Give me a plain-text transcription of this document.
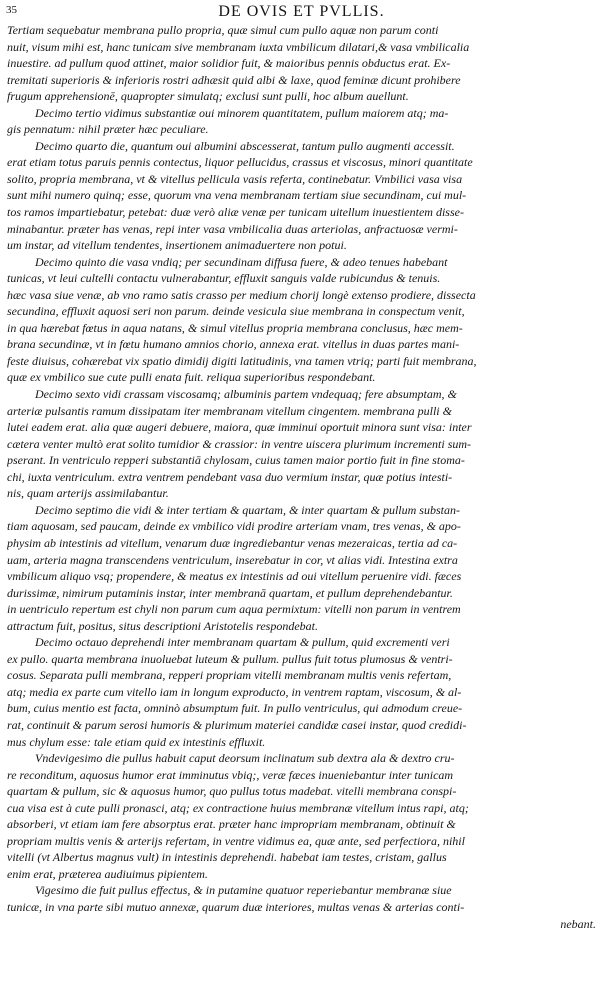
35	DE OVIS ET PVLLIS.

Tertiam sequebatur membrana pullo propria, quæ simul cum pullo aquæ non parum conti
nuit, visum mihi est, hanc tunicam sive membranam iuxta vmbilicum dilatari,& vasa vmbilicalia
inuestire. ad pullum quod attinet, maior solidior fuit, & maioribus pennis obductus erat. Ex-
tremitati superioris & inferioris rostri adhæsit quid albi & laxe, quod feminæ dicunt prohibere
frugum apprehensionē, quapropter simulatq; exclusi sunt pulli, hoc album auellunt.

Decimo tertio vidimus substantiæ oui minorem quantitatem, pullum maiorem atq; ma-
gis pennatum: nihil præter hæc peculiare.

Decimo quarto die, quantum oui albumini abscesserat, tantum pullo augmenti accessit.
erat etiam totus paruis pennis contectus, liquor pellucidus, crassus et viscosus, minori quantitate
solito, propria membrana, vt & vitellus pellicula vasis referta, continebatur. Vmbilici vasa visa
sunt mihi numero quinq; esse, quorum vna vena membranam tertiam siue secundinam, cui mul-
tos ramos impartiebatur, petebat: duæ verò aliæ venæ per tunicam uitellum inuestientem disse-
minabantur. præter has venas, repi inter vasa vmbilicalia duas arteriolas, anfractuosæ vermi-
um instar, ad vitellum tendentes, insertionem animaduertere non potui.

Decimo quinto die vasa vndiq; per secundinam diffusa fuere, & adeo tenues habebant
tunicas, vt leui cultelli contactu vulnerabantur, effluxit sanguis valde rubicundus & tenuis.
hæc vasa siue venæ, ab vno ramo satis crasso per medium chorij longè extenso prodiere, dissecta
secundina, effluxit aquosi seri non parum. deinde vesicula siue membrana in conspectum venit,
in qua hærebat fœtus in aqua natans, & simul vitellus propria membrana conclusus, hæc mem-
brana secundinæ, vt in fœtu humano amnios chorio, annexa erat. vitellus in duas partes mani-
feste diuisus, cohærebat vix spatio dimidij digiti latitudinis, vna tamen vtriq; parti fuit membrana,
quæ ex vmbilico sue cute pulli enata fuit. reliqua superioribus respondebant.

Decimo sexto vidi crassam viscosamq; albuminis partem vndequaq; fere absumptam, &
arteriæ pulsantis ramum dissipatam iter membranam vitellum cingentem. membrana pulli &
lutei eadem erat. alia quæ augeri debuere, maiora, quæ imminui oportuit minora sunt visa: inter
cætera venter multò erat solito tumidior & crassior: in ventre uiscera plurimum incrementi sum-
pserant. In ventriculo repperi substantiā chylosam, cuius tamen maior portio fuit in fine stoma-
chi, iuxta ventriculum. extra ventrem pendebant vasa duo vermium instar, quæ potius intesti-
nis, quam arterijs assimilabantur.

Decimo septimo die vidi & inter tertiam & quartam, & inter quartam & pullum substan-
tiam aquosam, sed paucam, deinde ex vmbilico vidi prodire arteriam vnam, tres venas, & apo-
physim ab intestinis ad vitellum, venarum duæ ingrediebantur venas mezeraicas, tertia ad ca-
uam, arteria magna transcendens ventriculum, inserebatur in cor, vt alias vidi. Intestina extra
vmbilicum aliquo vsq; propendere, & meatus ex intestinis ad oui vitellum peruenire vidi. fæces
durissimæ, nimirum putaminis instar, inter membranā quartam, et pullum deprehendebantur.
in uentriculo repertum est chyli non parum cum aqua permixtum: vitelli non parum in ventrem
attractum fuit, positus, situs descriptioni Aristotelis respondebat.

Decimo octauo deprehendi inter membranam quartam & pullum, quid excrementi veri
ex pullo. quarta membrana inuoluebat luteum & pullum. pullus fuit totus plumosus & ventri-
cosus. Separata pulli membrana, repperi propriam vitelli membranam multis venis refertam,
atq; media ex parte cum vitello iam in longum exproducto, in ventrem raptam, viscosum, & al-
bum, cuius mentio est facta, omninò absumptum fuit. In pullo ventriculus, qui admodum creue-
rat, continuit & parum serosi humoris & plurimum materiei candidæ casei instar, quod credidi-
mus chylum esse: tale etiam quid ex intestinis effluxit.

Vndevigesimo die pullus habuit caput deorsum inclinatum sub dextra ala & dextro cru-
re reconditum, aquosus humor erat imminutus vbiq;, veræ fæces inueniebantur inter tunicam
quartam & pullum, sic & aquosus humor, quo pullus totus madebat. vitelli membrana conspi-
cua visa est à cute pulli pronasci, atq; ex contractione huius membranæ vitellum intus rapi, atq;
absorberi, vt etiam iam fere absorptus erat. præter hanc impropriam membranam, obtinuit &
propriam multis venis & arterijs refertam, in ventre vidimus ea, quæ ante, sed perfectiora, nihil
vitelli (vt Albertus magnus vult) in intestinis deprehendi. habebat iam testes, cristam, gallus
enim erat, præterea audiuimus pipientem.

Vigesimo die fuit pullus effectus, & in putamine quatuor reperiebantur membranæ siue
tunicæ, in vna parte sibi mutuo annexæ, quarum duæ interiores, multas venas & arterias conti-
nebant.
